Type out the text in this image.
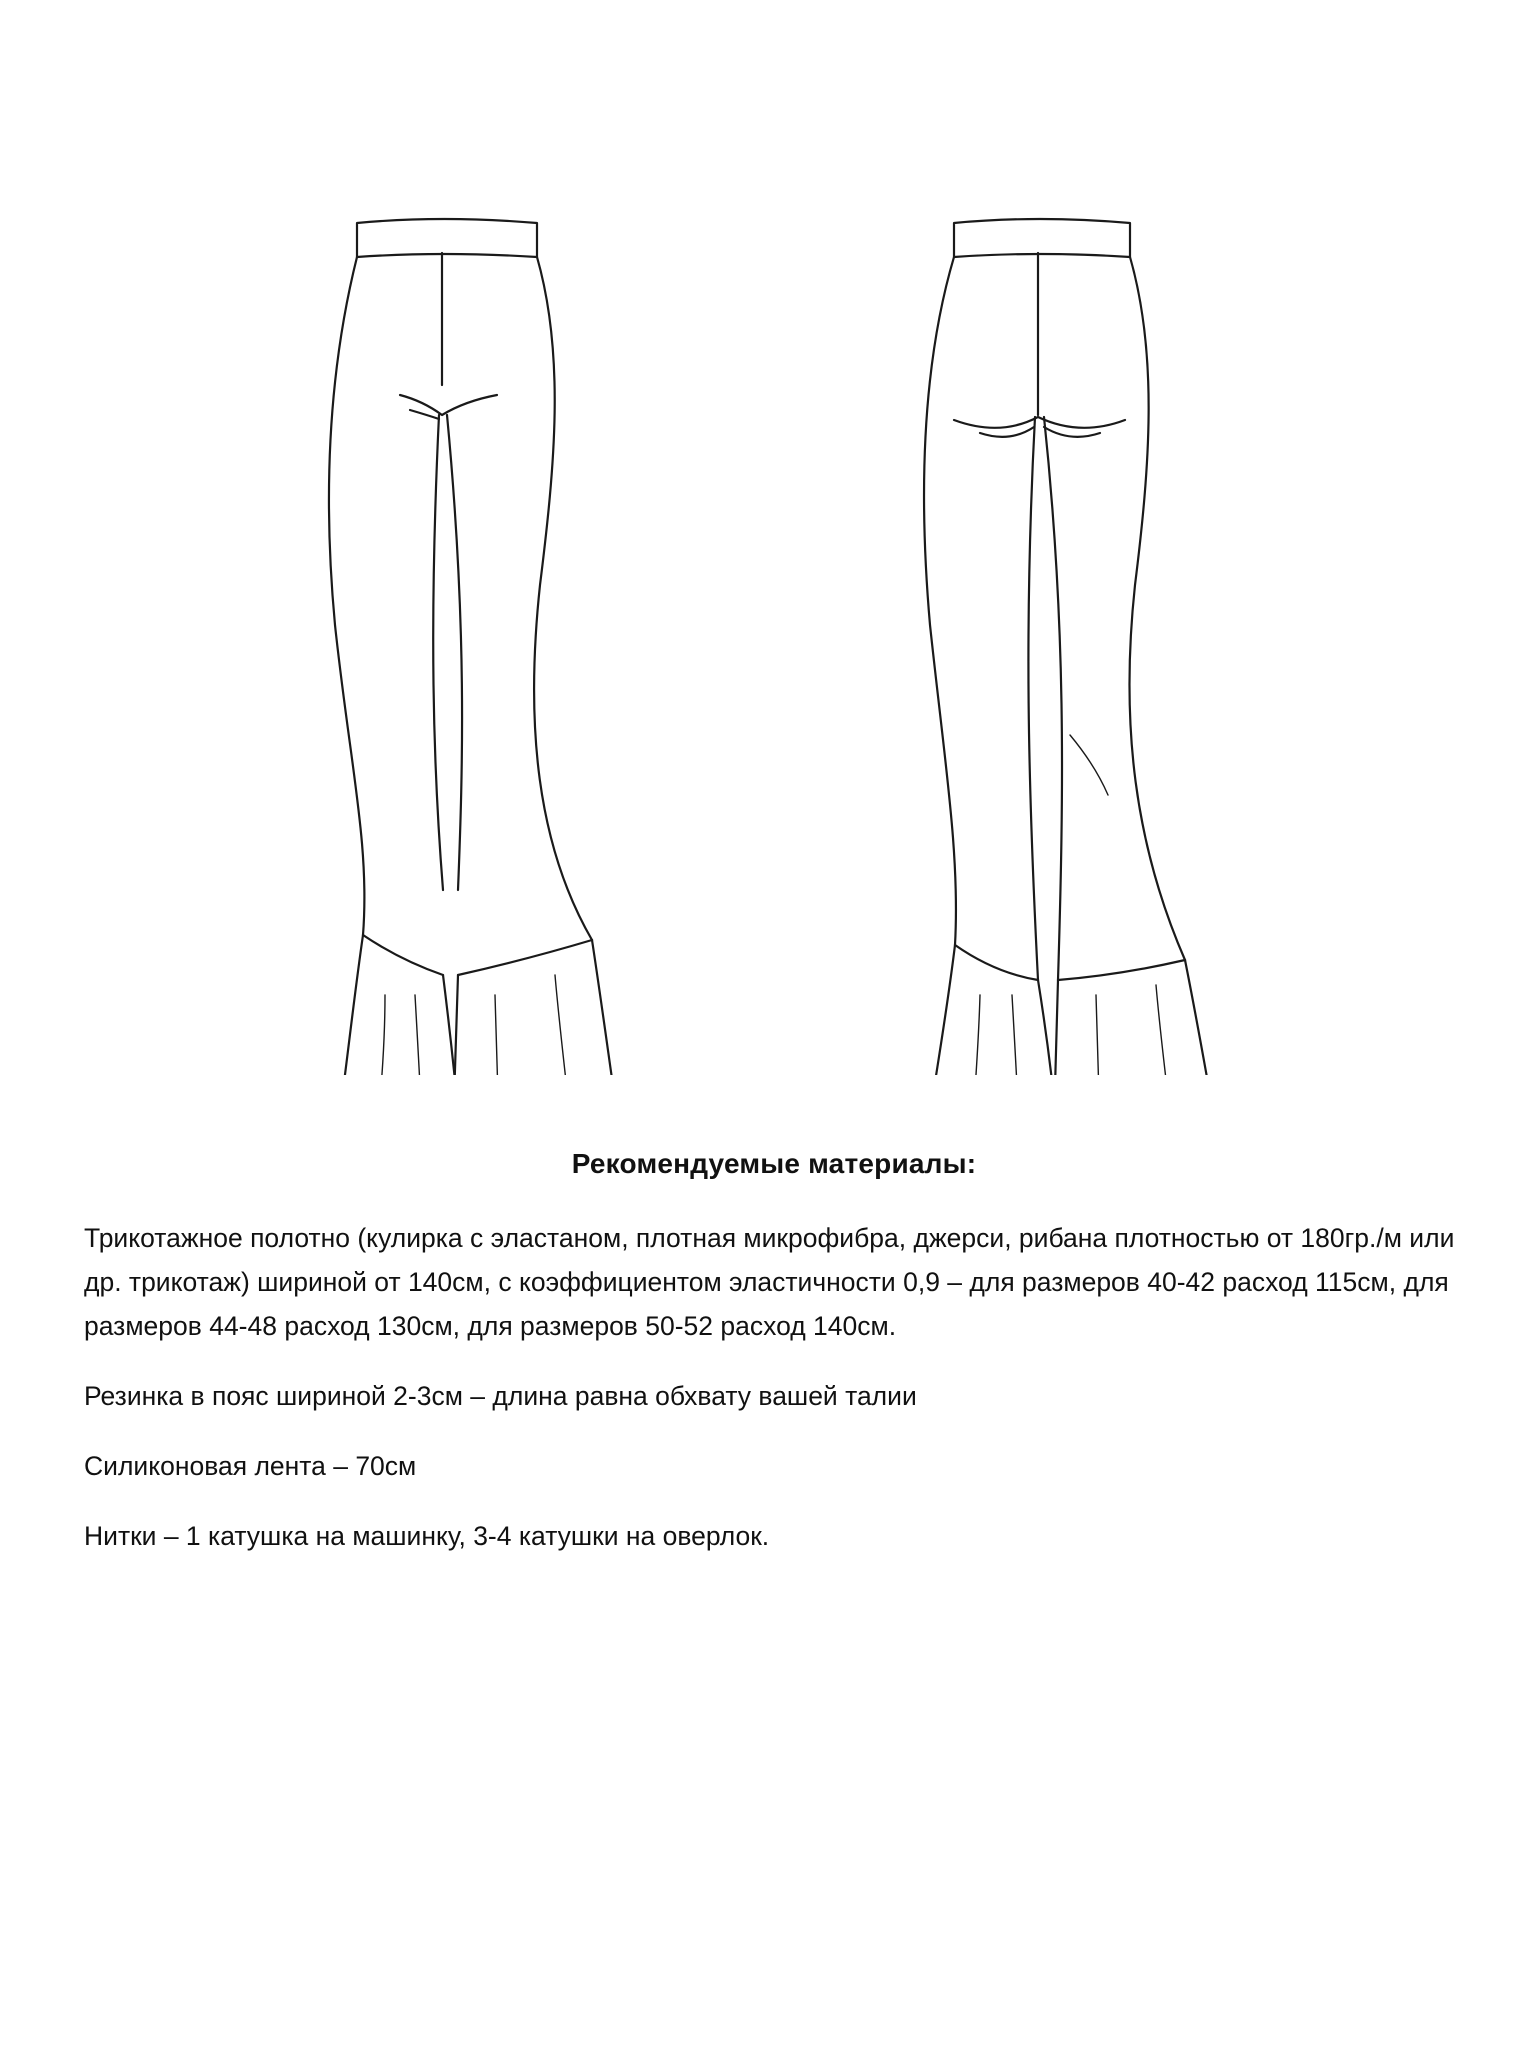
Рекомендуемые материалы:

Трикотажное полотно (кулирка с эластаном, плотная микрофибра, джерси, рибана плотностью от 180гр./м или др. трикотаж) шириной от 140см, с коэффициентом эластичности 0,9 – для размеров 40-42 расход 115см, для размеров 44-48 расход 130см, для размеров 50-52 расход 140см.

Резинка в пояс шириной 2-3см – длина равна обхвату вашей талии

Силиконовая лента – 70см

Нитки – 1 катушка на машинку, 3-4 катушки на оверлок.
